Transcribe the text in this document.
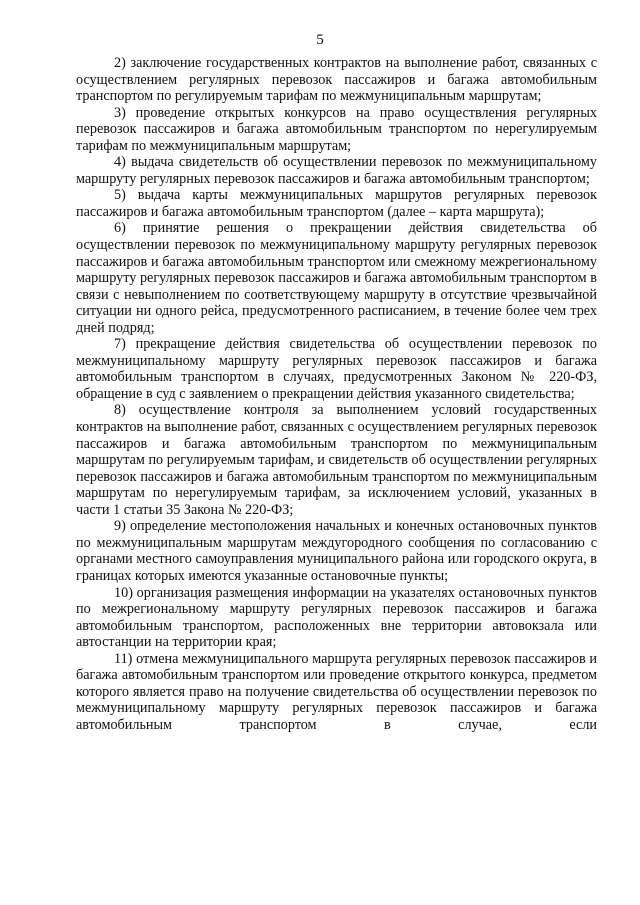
5

2) заключение государственных контрактов на выполнение работ, связанных с осуществлением регулярных перевозок пассажиров и багажа автомобильным транспортом по регулируемым тарифам по межмуниципальным маршрутам;

3) проведение открытых конкурсов на право осуществления регулярных перевозок пассажиров и багажа автомобильным транспортом по нерегулируемым тарифам по межмуниципальным маршрутам;

4) выдача свидетельств об осуществлении перевозок по межмуниципальному маршруту регулярных перевозок пассажиров и багажа автомобильным транспортом;

5) выдача карты межмуниципальных маршрутов регулярных перевозок пассажиров и багажа автомобильным транспортом (далее – карта маршрута);

6) принятие решения о прекращении действия свидетельства об осуществлении перевозок по межмуниципальному маршруту регулярных перевозок пассажиров и багажа автомобильным транспортом или смежному межрегиональному маршруту регулярных перевозок пассажиров и багажа автомобильным транспортом в связи с невыполнением по соответствующему маршруту в отсутствие чрезвычайной ситуации ни одного рейса, предусмотренного расписанием, в течение более чем трех дней подряд;

7) прекращение действия свидетельства об осуществлении перевозок по межмуниципальному маршруту регулярных перевозок пассажиров и багажа автомобильным транспортом в случаях, предусмотренных Законом № 220-ФЗ, обращение в суд с заявлением о прекращении действия указанного свидетельства;

8) осуществление контроля за выполнением условий государственных контрактов на выполнение работ, связанных с осуществлением регулярных перевозок пассажиров и багажа автомобильным транспортом по межмуниципальным маршрутам по регулируемым тарифам, и свидетельств об осуществлении регулярных перевозок пассажиров и багажа автомобильным транспортом по межмуниципальным маршрутам по нерегулируемым тарифам, за исключением условий, указанных в части 1 статьи 35 Закона № 220-ФЗ;

9) определение местоположения начальных и конечных остановочных пунктов по межмуниципальным маршрутам междугородного сообщения по согласованию с органами местного самоуправления муниципального района или городского округа, в границах которых имеются указанные остановочные пункты;

10) организация размещения информации на указателях остановочных пунктов по межрегиональному маршруту регулярных перевозок пассажиров и багажа автомобильным транспортом, расположенных вне территории автовокзала или автостанции на территории края;

11) отмена межмуниципального маршрута регулярных перевозок пассажиров и багажа автомобильным транспортом или проведение открытого конкурса, предметом которого является право на получение свидетельства об осуществлении перевозок по межмуниципальному маршруту регулярных перевозок пассажиров и багажа автомобильным транспортом в случае, если
